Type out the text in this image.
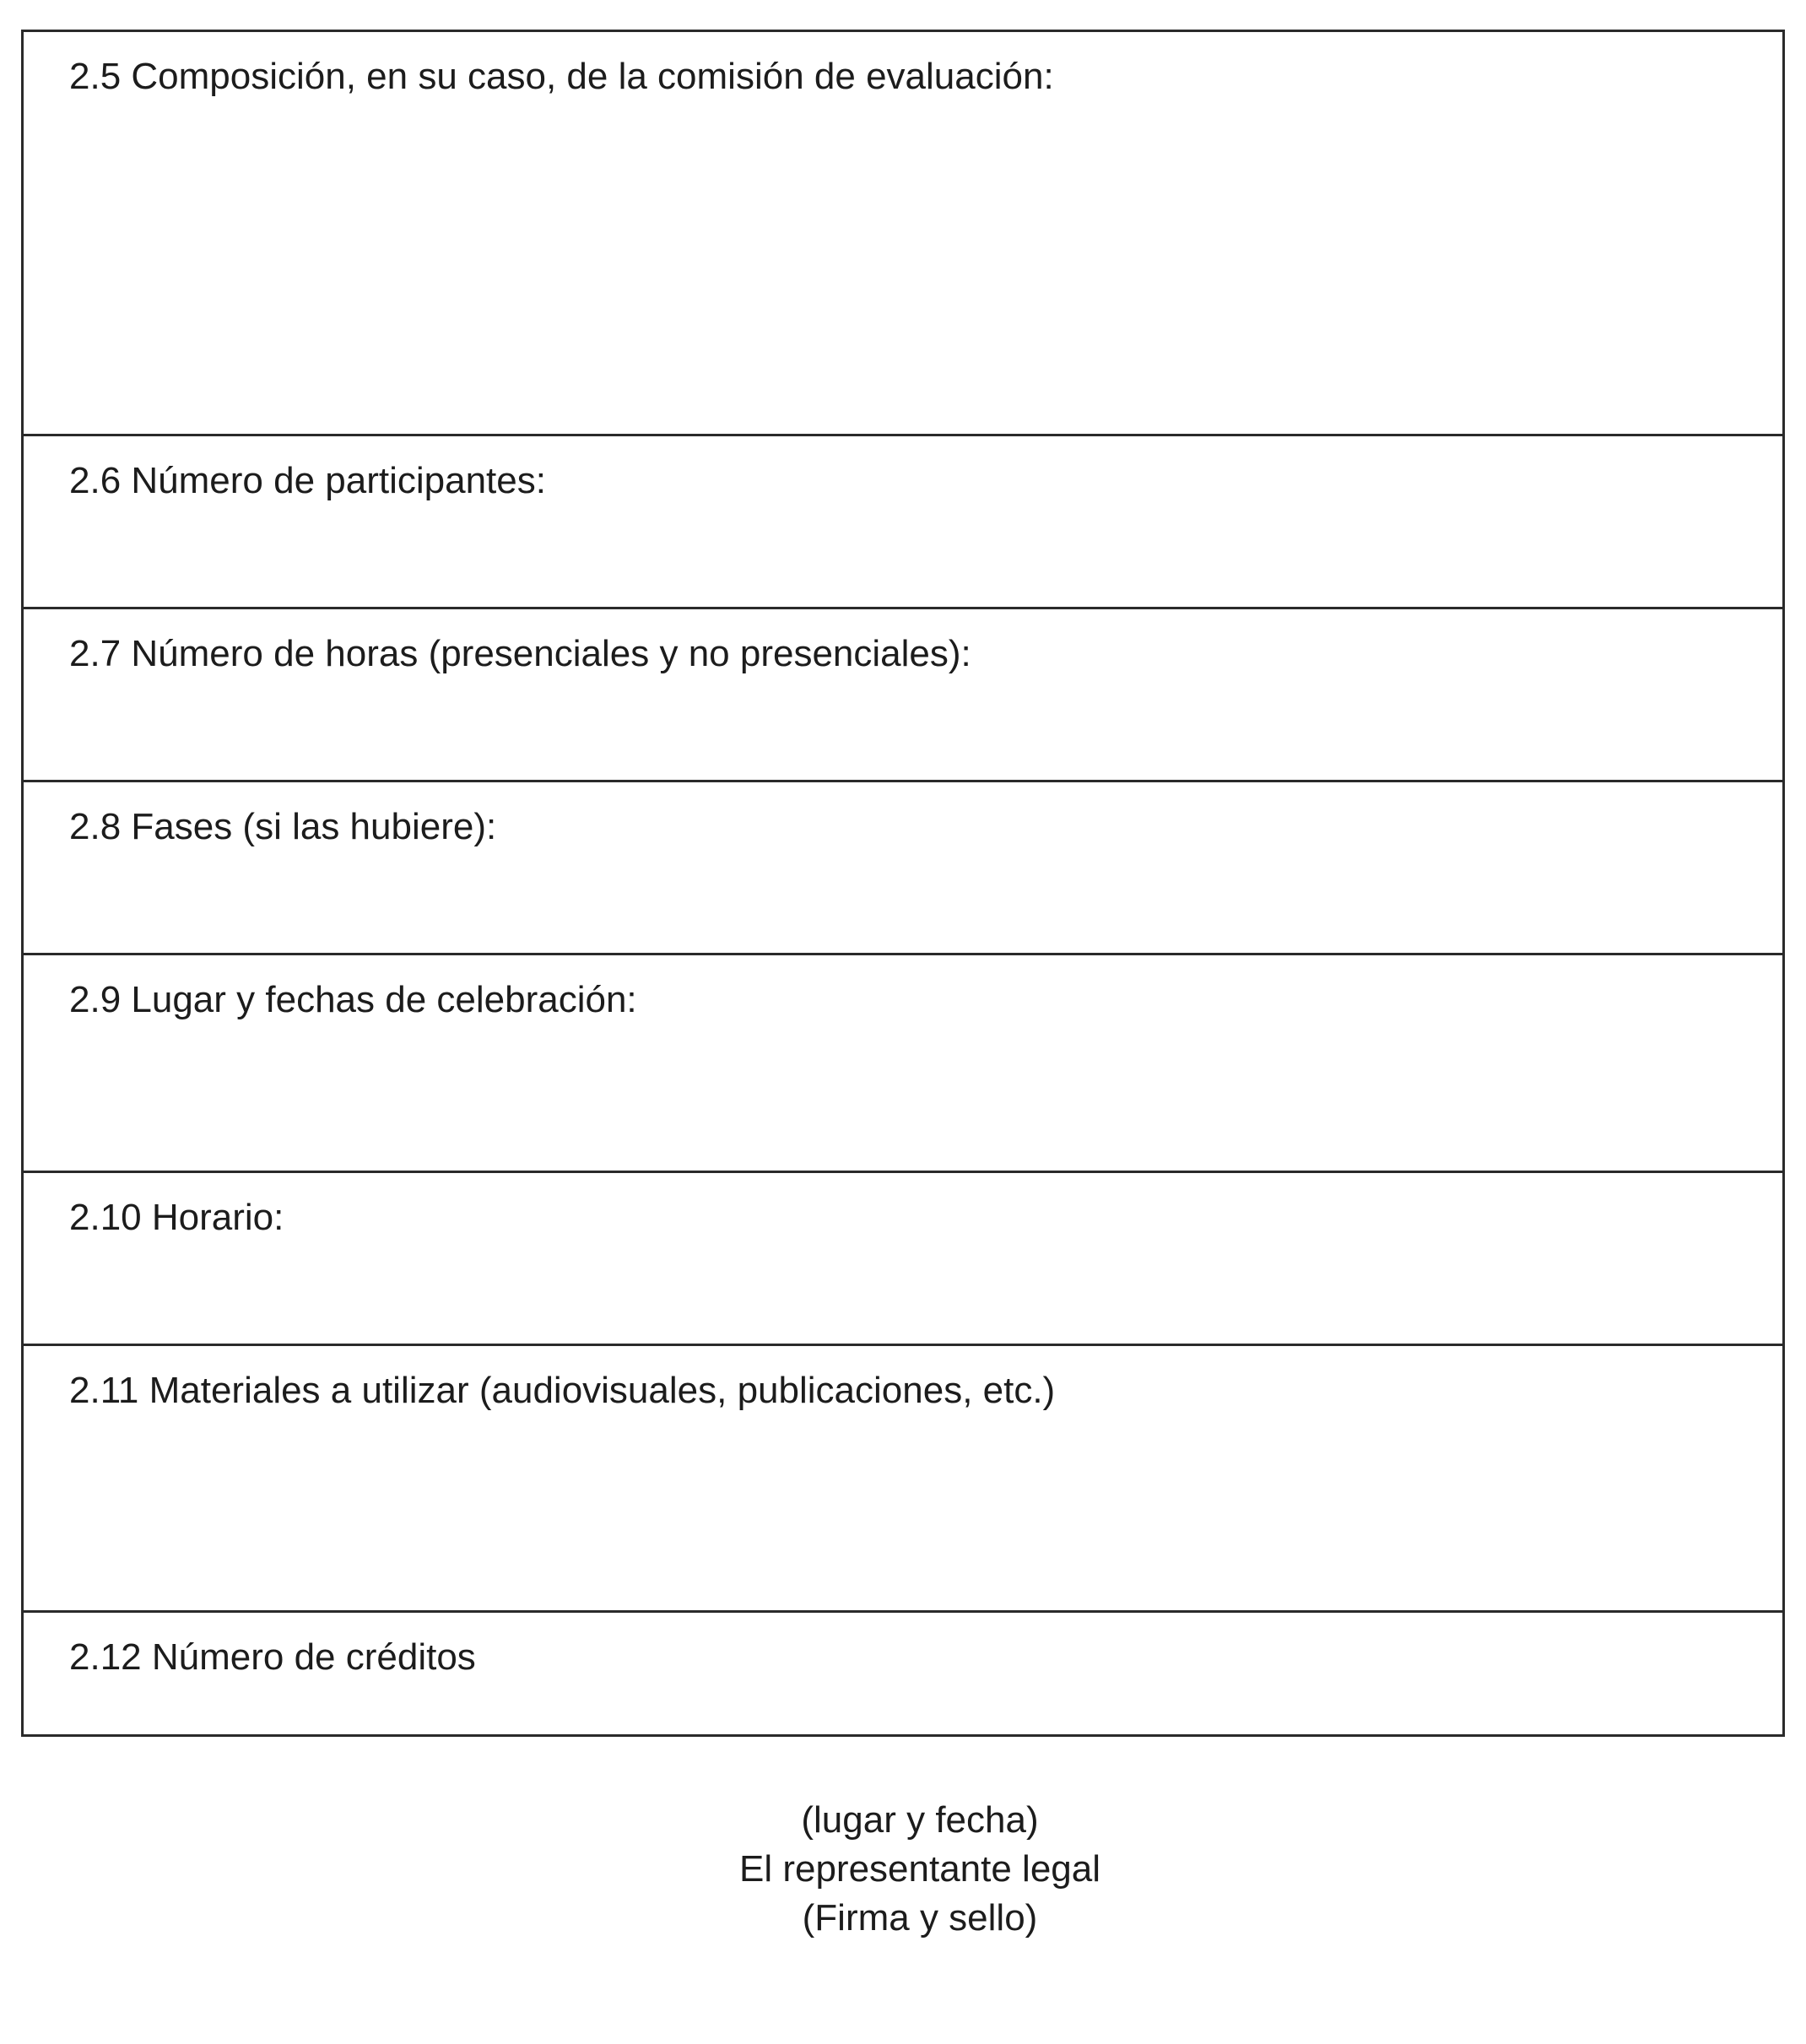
2.5 Composición, en su caso, de la comisión de evaluación:
2.6 Número de participantes:
2.7 Número de horas (presenciales y no presenciales):
2.8 Fases (si las hubiere):
2.9 Lugar y fechas de celebración:
2.10 Horario:
2.11 Materiales a utilizar (audiovisuales, publicaciones, etc.)
2.12 Número de créditos
(lugar y fecha)
El representante legal
(Firma y sello)
